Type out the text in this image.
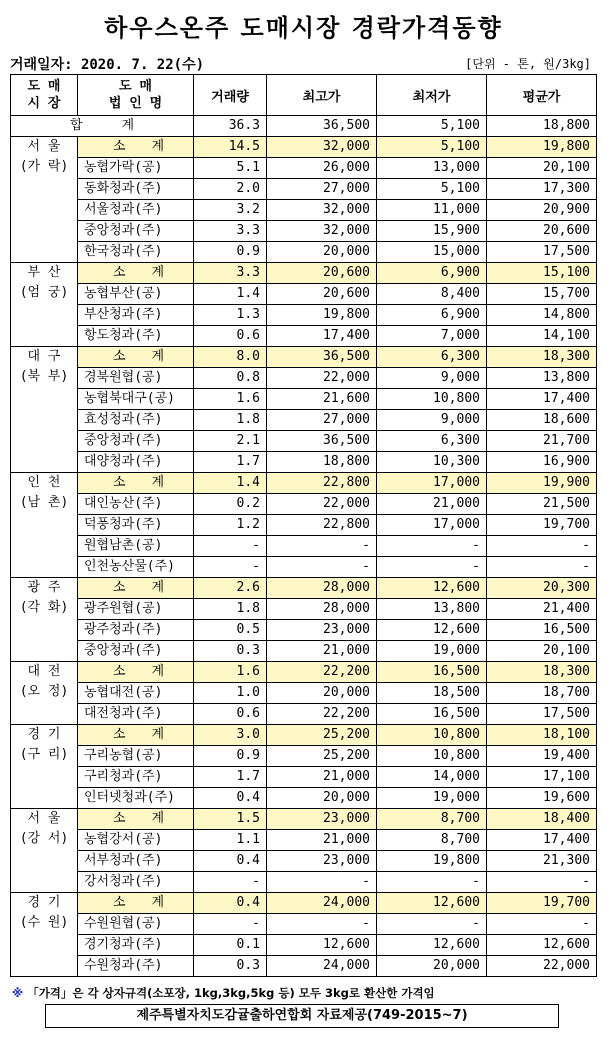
하우스온주 도매시장 경락가격동향
거래일자: 2020. 7. 22(수)	[단위 - 톤, 원/3kg]
도 매
시 장	도 매
법 인 명	거래량	최고가	최저가	평균가
합　　　계		36.3	36,500	5,100	18,800

서 울
(가 락)	소　　계	14.5	32,000	5,100	19,800
	농협가락(공)	5.1	26,000	13,000	20,100
	동화청과(주)	2.0	27,000	5,100	17,300
	서울청과(주)	3.2	32,000	11,000	20,900
	중앙청과(주)	3.3	32,000	15,900	20,600
	한국청과(주)	0.9	20,000	15,000	17,500

부 산
(엄 궁)	소　　계	3.3	20,600	6,900	15,100
	농협부산(공)	1.4	20,600	8,400	15,700
	부산청과(주)	1.3	19,800	6,900	14,800
	항도청과(주)	0.6	17,400	7,000	14,100

대 구
(북 부)	소　　계	8.0	36,500	6,300	18,300
	경북원협(공)	0.8	22,000	9,000	13,800
	농협북대구(공)	1.6	21,600	10,800	17,400
	효성청과(주)	1.8	27,000	9,000	18,600
	중앙청과(주)	2.1	36,500	6,300	21,700
	대양청과(주)	1.7	18,800	10,300	16,900

인 천
(남 촌)	소　　계	1.4	22,800	17,000	19,900
	대인농산(주)	0.2	22,000	21,000	21,500
	덕풍청과(주)	1.2	22,800	17,000	19,700
	원협남촌(공)	-	-	-	-
	인천농산물(주)	-	-	-	-

광 주
(각 화)	소　　계	2.6	28,000	12,600	20,300
	광주원협(공)	1.8	28,000	13,800	21,400
	광주청과(주)	0.5	23,000	12,600	16,500
	중앙청과(주)	0.3	21,000	19,000	20,100

대 전
(오 정)	소　　계	1.6	22,200	16,500	18,300
	농협대전(공)	1.0	20,000	18,500	18,700
	대전청과(주)	0.6	22,200	16,500	17,500

경 기
(구 리)	소　　계	3.0	25,200	10,800	18,100
	구리농협(공)	0.9	25,200	10,800	19,400
	구리청과(주)	1.7	21,000	14,000	17,100
	인터넷청과(주)	0.4	20,000	19,000	19,600

서 울
(강 서)	소　　계	1.5	23,000	8,700	18,400
	농협강서(공)	1.1	21,000	8,700	17,400
	서부청과(주)	0.4	23,000	19,800	21,300
	강서청과(주)	-	-	-	-

경 기
(수 원)	소　　계	0.4	24,000	12,600	19,700
	수원원협(공)	-	-	-	-
	경기청과(주)	0.1	12,600	12,600	12,600
	수원청과(주)	0.3	24,000	20,000	22,000
※ 「가격」은 각 상자규격(소포장, 1kg,3kg,5kg 등) 모두 3kg로 환산한 가격임
제주특별자치도감귤출하연합회 자료제공(749-2015~7)
